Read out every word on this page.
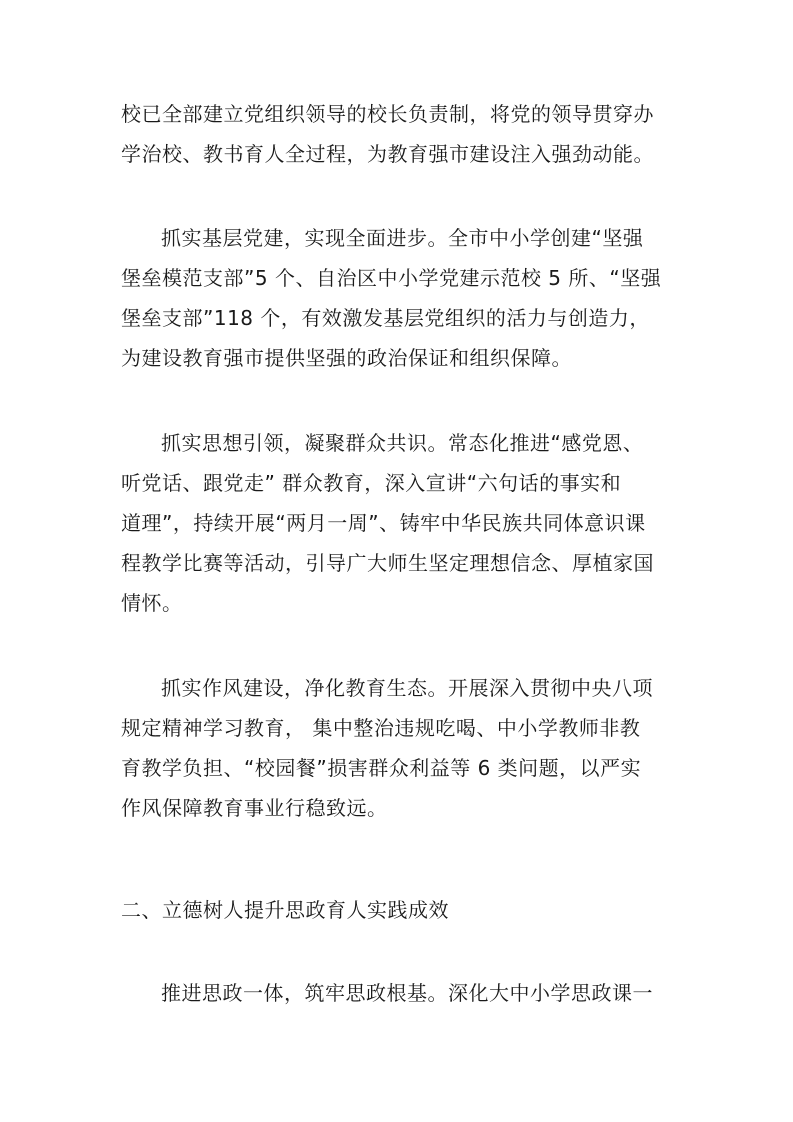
校已全部建立党组织领导的校长负责制，将党的领导贯穿办
学治校、教书育人全过程，为教育强市建设注入强劲动能。
抓实基层党建，实现全面进步。全市中小学创建“坚强
堡垒模范支部”5 个、自治区中小学党建示范校 5 所、“坚强
堡垒支部”118 个，有效激发基层党组织的活力与创造力，
为建设教育强市提供坚强的政治保证和组织保障。
抓实思想引领，凝聚群众共识。常态化推进“感党恩、
听党话、跟党走” 群众教育，深入宣讲“六句话的事实和
道理”，持续开展“两月一周”、铸牢中华民族共同体意识课
程教学比赛等活动，引导广大师生坚定理想信念、厚植家国
情怀。
抓实作风建设，净化教育生态。开展深入贯彻中央八项
规定精神学习教育， 集中整治违规吃喝、中小学教师非教
育教学负担、“校园餐”损害群众利益等 6 类问题，以严实
作风保障教育事业行稳致远。
二、立德树人提升思政育人实践成效
推进思政一体，筑牢思政根基。深化大中小学思政课一
